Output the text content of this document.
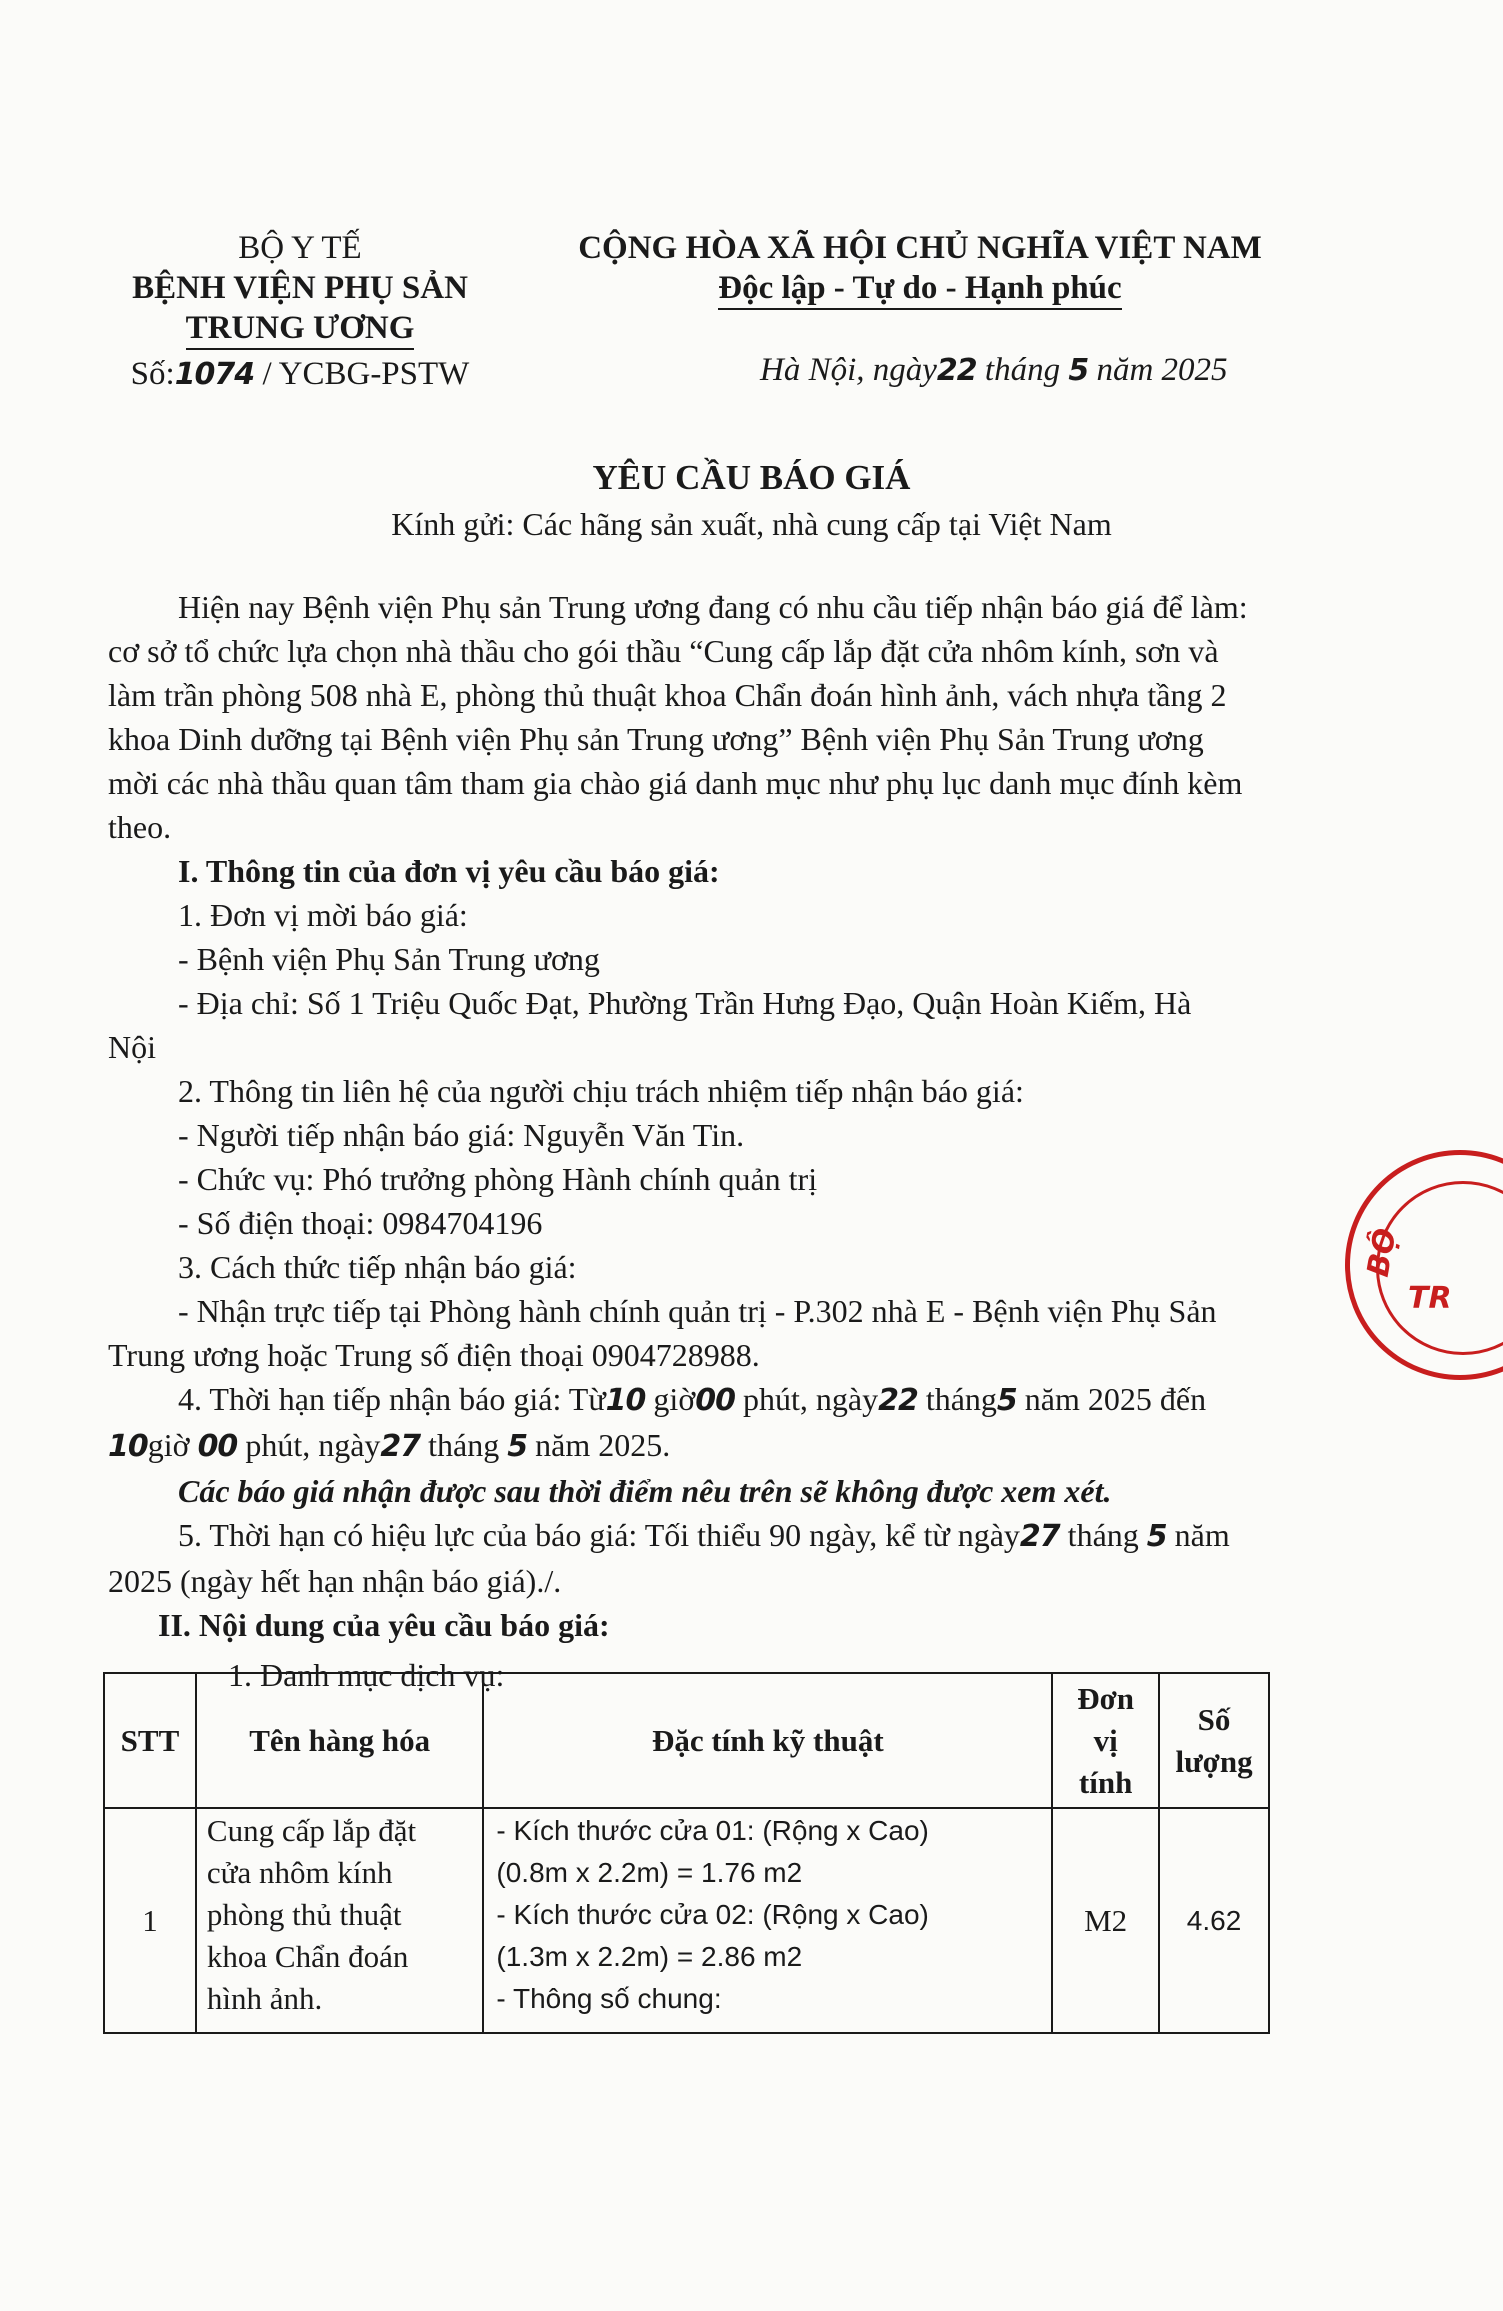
BỘ Y TẾ
BỆNH VIỆN PHỤ SẢN
TRUNG ƯƠNG
Số:1074 / YCBG-PSTW
CỘNG HÒA XÃ HỘI CHỦ NGHĨA VIỆT NAM
Độc lập - Tự do - Hạnh phúc
Hà Nội, ngày22 tháng 5 năm 2025
YÊU CẦU BÁO GIÁ
Kính gửi: Các hãng sản xuất, nhà cung cấp tại Việt Nam
Hiện nay Bệnh viện Phụ sản Trung ương đang có nhu cầu tiếp nhận báo giá để làm:
cơ sở tổ chức lựa chọn nhà thầu cho gói thầu “Cung cấp lắp đặt cửa nhôm kính, sơn và
làm trần phòng 508 nhà E, phòng thủ thuật khoa Chẩn đoán hình ảnh, vách nhựa tầng 2
khoa Dinh dưỡng tại Bệnh viện Phụ sản Trung ương” Bệnh viện Phụ Sản Trung ương
mời các nhà thầu quan tâm tham gia chào giá danh mục như phụ lục danh mục đính kèm
theo.
I. Thông tin của đơn vị yêu cầu báo giá:
1. Đơn vị mời báo giá:
- Bệnh viện Phụ Sản Trung ương
- Địa chỉ: Số 1 Triệu Quốc Đạt, Phường Trần Hưng Đạo, Quận Hoàn Kiếm, Hà
Nội
2. Thông tin liên hệ của người chịu trách nhiệm tiếp nhận báo giá:
- Người tiếp nhận báo giá: Nguyễn Văn Tin.
- Chức vụ: Phó trưởng phòng Hành chính quản trị
- Số điện thoại: 0984704196
3. Cách thức tiếp nhận báo giá:
- Nhận trực tiếp tại Phòng hành chính quản trị - P.302 nhà E - Bệnh viện Phụ Sản
Trung ương hoặc Trung số điện thoại 0904728988.
4. Thời hạn tiếp nhận báo giá: Từ10 giờ00 phút, ngày22 tháng5 năm 2025 đến
10giờ 00 phút, ngày27 tháng 5 năm 2025.
Các báo giá nhận được sau thời điểm nêu trên sẽ không được xem xét.
5. Thời hạn có hiệu lực của báo giá: Tối thiểu 90 ngày, kể từ ngày27 tháng 5 năm
2025 (ngày hết hạn nhận báo giá)./.
II. Nội dung của yêu cầu báo giá:
1. Danh mục dịch vụ:
STT	Tên hàng hóa	Đặc tính kỹ thuật	Đơn
vị
tính	Số
lượng
1	Cung cấp lắp đặt
cửa nhôm kính
phòng thủ thuật
khoa Chẩn đoán
hình ảnh.	- Kích thước cửa 01: (Rộng x Cao)
(0.8m x 2.2m) = 1.76 m2
- Kích thước cửa 02: (Rộng x Cao)
(1.3m x 2.2m) = 2.86 m2
- Thông số chung:	M2	4.62
BỘ
TR
